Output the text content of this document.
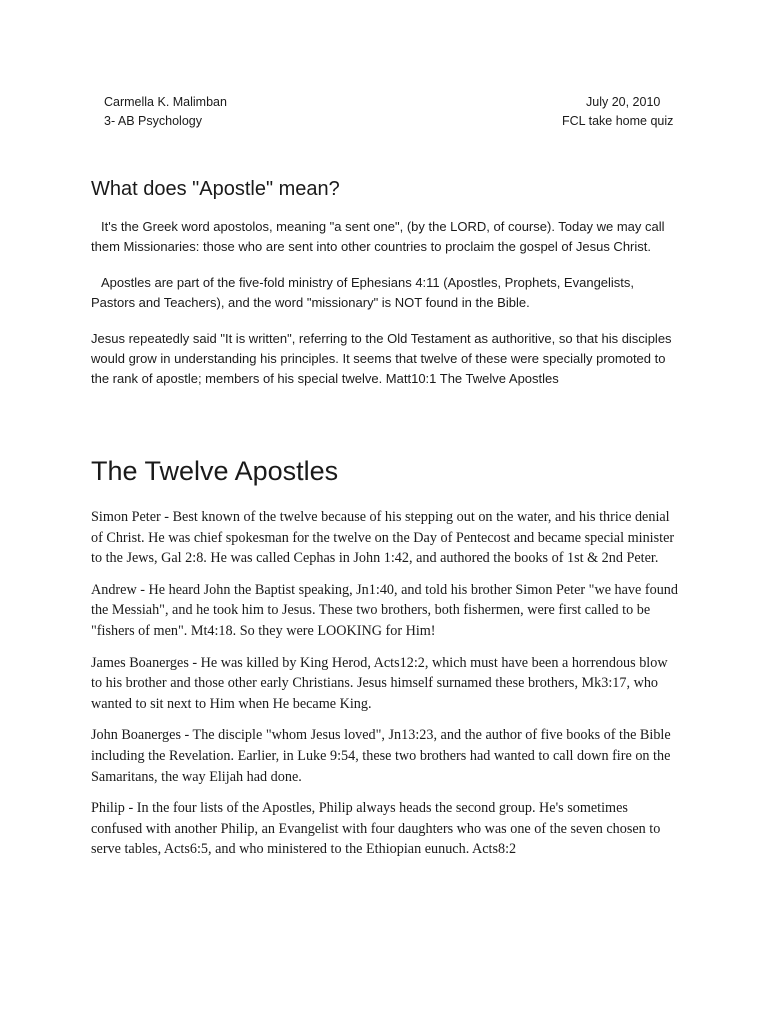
Carmella K. Malimban
3- AB Psychology
July 20, 2010
FCL take home quiz
What does "Apostle" mean?

It's the Greek word apostolos, meaning "a sent one", (by the LORD, of course). Today we may call them Missionaries: those who are sent into other countries to proclaim the gospel of Jesus Christ.

Apostles are part of the five-fold ministry of Ephesians 4:11 (Apostles, Prophets, Evangelists, Pastors and Teachers), and the word "missionary" is NOT found in the Bible.

Jesus repeatedly said "It is written", referring to the Old Testament as authoritive, so that his disciples would grow in understanding his principles. It seems that twelve of these were specially promoted to the rank of apostle; members of his special twelve. Matt10:1 The Twelve Apostles

The Twelve Apostles

Simon Peter - Best known of the twelve because of his stepping out on the water, and his thrice denial of Christ. He was chief spokesman for the twelve on the Day of Pentecost and became special minister to the Jews, Gal 2:8. He was called Cephas in John 1:42, and authored the books of 1st & 2nd Peter.

Andrew - He heard John the Baptist speaking, Jn1:40, and told his brother Simon Peter "we have found the Messiah", and he took him to Jesus. These two brothers, both fishermen, were first called to be "fishers of men". Mt4:18. So they were LOOKING for Him!

James Boanerges - He was killed by King Herod, Acts12:2, which must have been a horrendous blow to his brother and those other early Christians. Jesus himself surnamed these brothers, Mk3:17, who wanted to sit next to Him when He became King.

John Boanerges - The disciple "whom Jesus loved", Jn13:23, and the author of five books of the Bible including the Revelation. Earlier, in Luke 9:54, these two brothers had wanted to call down fire on the Samaritans, the way Elijah had done.

Philip - In the four lists of the Apostles, Philip always heads the second group. He's sometimes confused with another Philip, an Evangelist with four daughters who was one of the seven chosen to serve tables, Acts6:5, and who ministered to the Ethiopian eunuch. Acts8:2
